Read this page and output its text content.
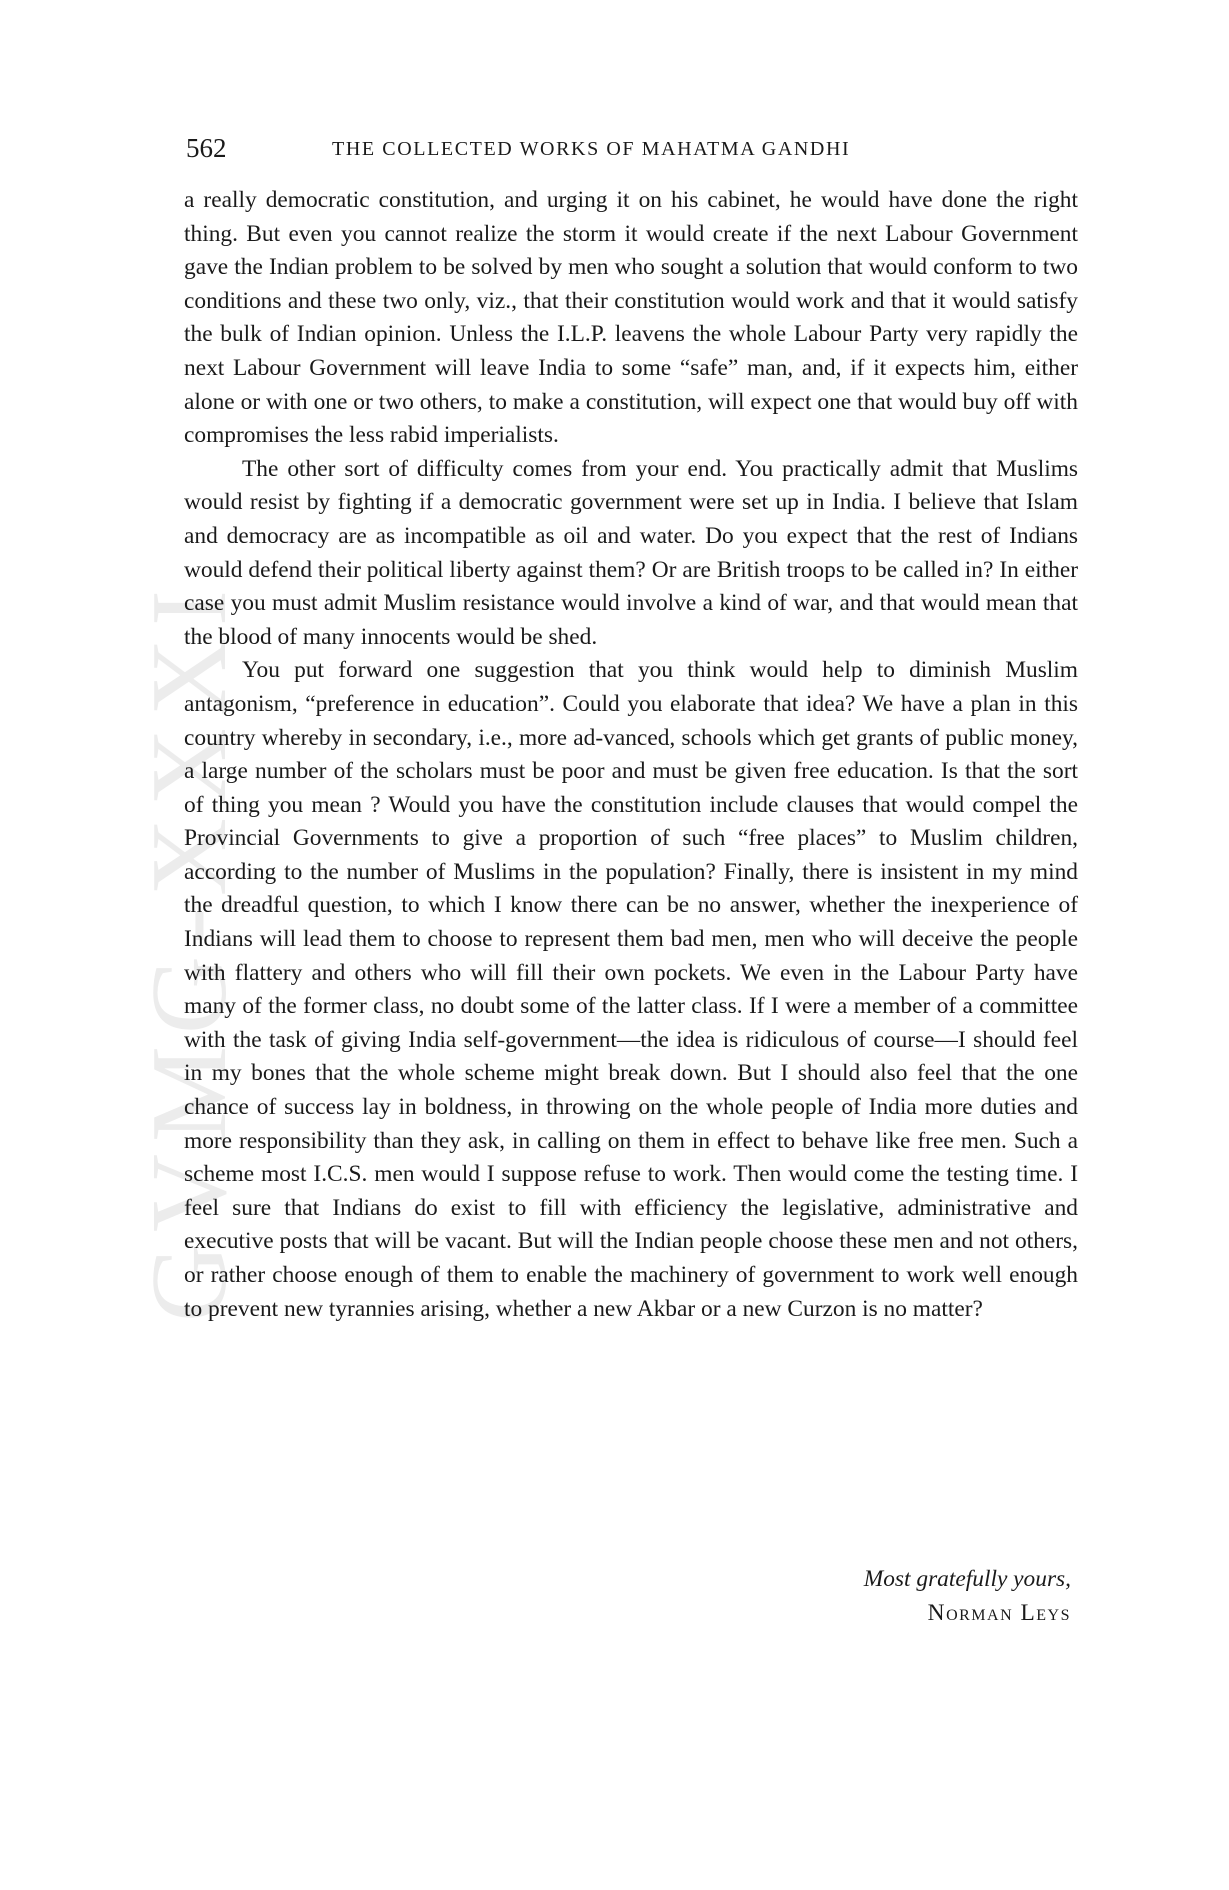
GVMG-XXXI
562	THE COLLECTED WORKS OF MAHATMA GANDHI

a really democratic constitution, and urging it on his cabinet, he would have done the right thing. But even you cannot realize the storm it would create if the next Labour Government gave the Indian problem to be solved by men who sought a solution that would conform to two conditions and these two only, viz., that their constitution would work and that it would satisfy the bulk of Indian opinion. Unless the I.L.P. leavens the whole Labour Party very rapidly the next Labour Government will leave India to some “safe” man, and, if it expects him, either alone or with one or two others, to make a constitution, will expect one that would buy off with compromises the less rabid imperialists.

The other sort of difficulty comes from your end. You practically admit that Muslims would resist by fighting if a democratic government were set up in India. I believe that Islam and democracy are as incompatible as oil and water. Do you expect that the rest of Indians would defend their political liberty against them? Or are British troops to be called in? In either case you must admit Muslim resistance would involve a kind of war, and that would mean that the blood of many innocents would be shed.

You put forward one suggestion that you think would help to diminish Muslim antagonism, “preference in education”. Could you elaborate that idea? We have a plan in this country whereby in secondary, i.e., more ad-vanced, schools which get grants of public money, a large number of the scholars must be poor and must be given free education. Is that the sort of thing you mean ? Would you have the constitution include clauses that would compel the Provincial Governments to give a proportion of such “free places” to Muslim children, according to the number of Muslims in the population? Finally, there is insistent in my mind the dreadful question, to which I know there can be no answer, whether the inexperience of Indians will lead them to choose to represent them bad men, men who will deceive the people with flattery and others who will fill their own pockets. We even in the Labour Party have many of the former class, no doubt some of the latter class. If I were a member of a committee with the task of giving India self-government—the idea is ridiculous of course—I should feel in my bones that the whole scheme might break down. But I should also feel that the one chance of success lay in boldness, in throwing on the whole people of India more duties and more responsibility than they ask, in calling on them in effect to behave like free men. Such a scheme most I.C.S. men would I suppose refuse to work. Then would come the testing time. I feel sure that Indians do exist to fill with efficiency the legislative, administrative and executive posts that will be vacant. But will the Indian people choose these men and not others, or rather choose enough of them to enable the machinery of government to work well enough to prevent new tyrannies arising, whether a new Akbar or a new Curzon is no matter?

Most gratefully yours,
Norman Leys
